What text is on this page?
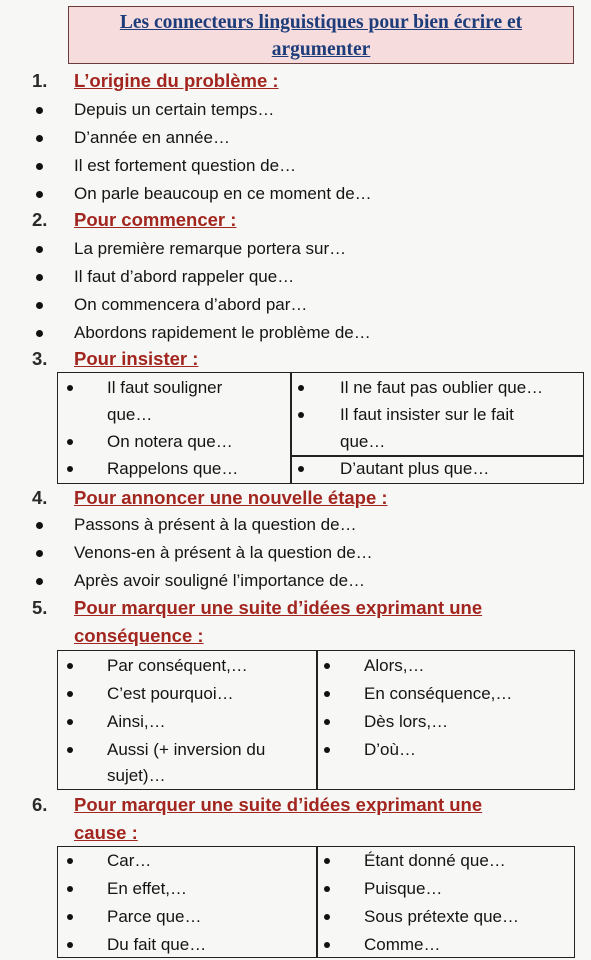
Les connecteurs linguistiques pour bien écrire et
argumenter
1. L’origine du problème :
Depuis un certain temps…
D’année en année…
Il est fortement question de…
On parle beaucoup en ce moment de…
2. Pour commencer :
La première remarque portera sur…
Il faut d’abord rappeler que…
On commencera d’abord par…
Abordons rapidement le problème de…
3. Pour insister :
Il faut souligner
que…
On notera que…
Rappelons que…
Il ne faut pas oublier que…
Il faut insister sur le fait
que…
D’autant plus que…
4. Pour annoncer une nouvelle étape :
Passons à présent à la question de…
Venons-en à présent à la question de…
Après avoir souligné l’importance de…
5. Pour marquer une suite d’idées exprimant une
conséquence :
Par conséquent,…
C’est pourquoi…
Ainsi,…
Aussi (+ inversion du
sujet)…
Alors,…
En conséquence,…
Dès lors,…
D’où…
6. Pour marquer une suite d’idées exprimant une
cause :
Car…
En effet,…
Parce que…
Du fait que…
Étant donné que…
Puisque…
Sous prétexte que…
Comme…
